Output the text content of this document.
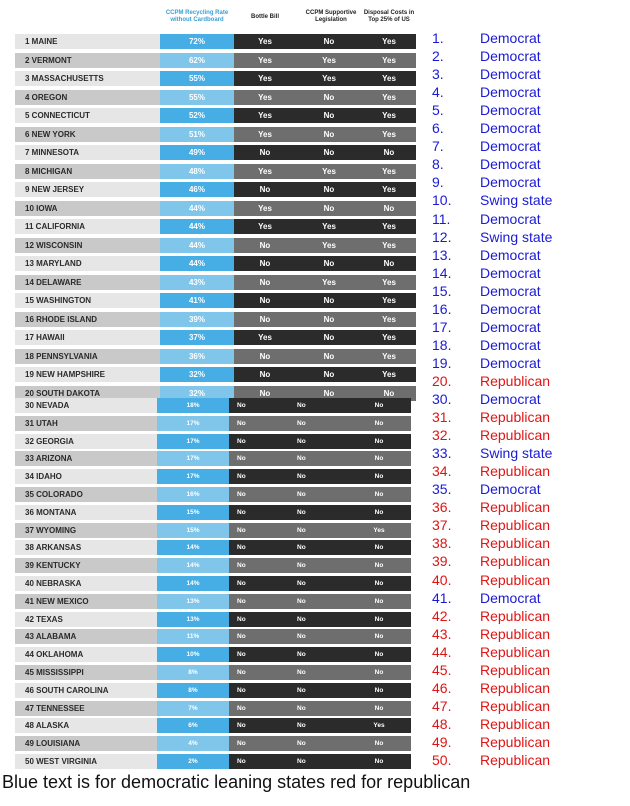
CCPM Recycling Rate without Cardboard
Bottle Bill
CCPM Supportive Legislation
Disposal Costs in Top 25% of US
1 MAINE	72%	Yes	No	Yes
2 VERMONT	62%	Yes	Yes	Yes
3 MASSACHUSETTS	55%	Yes	Yes	Yes
4 OREGON	55%	Yes	No	Yes
5 CONNECTICUT	52%	Yes	No	Yes
6 NEW YORK	51%	Yes	No	Yes
7 MINNESOTA	49%	No	No	No
8 MICHIGAN	48%	Yes	Yes	Yes
9 NEW JERSEY	46%	No	No	Yes
10 IOWA	44%	Yes	No	No
11 CALIFORNIA	44%	Yes	Yes	Yes
12 WISCONSIN	44%	No	Yes	Yes
13 MARYLAND	44%	No	No	No
14 DELAWARE	43%	No	Yes	Yes
15 WASHINGTON	41%	No	No	Yes
16 RHODE ISLAND	39%	No	No	Yes
17 HAWAII	37%	Yes	No	Yes
18 PENNSYLVANIA	36%	No	No	Yes
19 NEW HAMPSHIRE	32%	No	No	Yes
20 SOUTH DAKOTA	32%	No	No	No
30 NEVADA	18%	No	No	No
31 UTAH	17%	No	No	No
32 GEORGIA	17%	No	No	No
33 ARIZONA	17%	No	No	No
34 IDAHO	17%	No	No	No
35 COLORADO	16%	No	No	No
36 MONTANA	15%	No	No	No
37 WYOMING	15%	No	No	Yes
38 ARKANSAS	14%	No	No	No
39 KENTUCKY	14%	No	No	No
40 NEBRASKA	14%	No	No	No
41 NEW MEXICO	13%	No	No	No
42 TEXAS	13%	No	No	No
43 ALABAMA	11%	No	No	No
44 OKLAHOMA	10%	No	No	No
45 MISSISSIPPI	8%	No	No	No
46 SOUTH CAROLINA	8%	No	No	No
47 TENNESSEE	7%	No	No	No
48 ALASKA	6%	No	No	Yes
49 LOUISIANA	4%	No	No	No
50 WEST VIRGINIA	2%	No	No	No
1.	Democrat
2.	Democrat
3.	Democrat
4.	Democrat
5.	Democrat
6.	Democrat
7.	Democrat
8.	Democrat
9.	Democrat
10. Swing state
11. Democrat
12. Swing state
13. Democrat
14. Democrat
15. Democrat
16. Democrat
17. Democrat
18. Democrat
19. Democrat
20. Republican
30. Democrat
31. Republican
32. Republican
33. Swing state
34. Republican
35. Democrat
36. Republican
37. Republican
38. Republican
39. Republican
40. Republican
41. Democrat
42. Republican
43. Republican
44. Republican
45. Republican
46. Republican
47. Republican
48. Republican
49. Republican
50. Republican
Blue text is for democratic leaning states red for republican
